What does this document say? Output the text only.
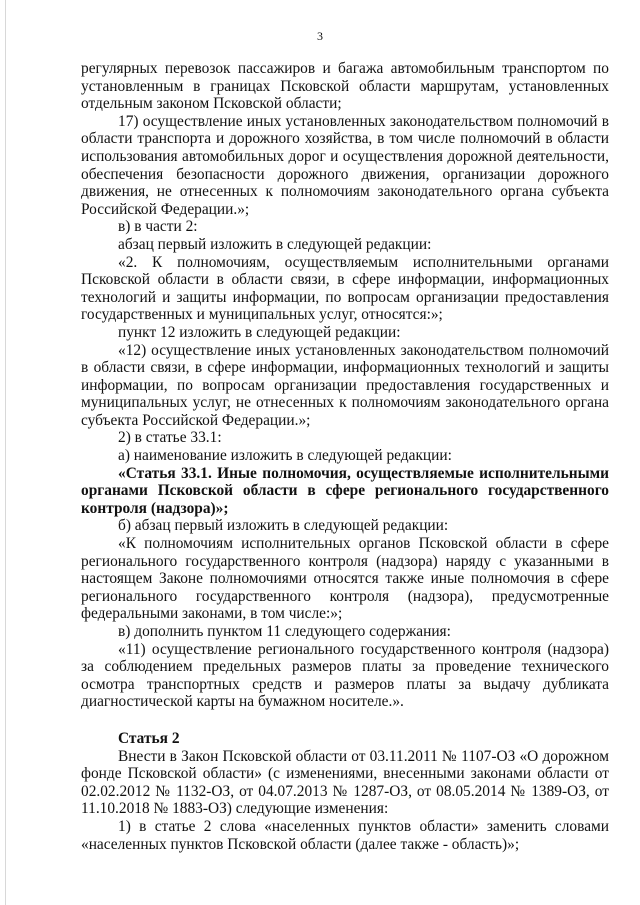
3

регулярных перевозок пассажиров и багажа автомобильным транспортом по установленным в границах Псковской области маршрутам, установленных отдельным законом Псковской области;

17) осуществление иных установленных законодательством полномочий в области транспорта и дорожного хозяйства, в том числе полномочий в области использования автомобильных дорог и осуществления дорожной деятельности, обеспечения безопасности дорожного движения, организации дорожного движения, не отнесенных к полномочиям законодательного органа субъекта Российской Федерации.»;

в) в части 2:

абзац первый изложить в следующей редакции:

«2. К полномочиям, осуществляемым исполнительными органами Псковской области в области связи, в сфере информации, информационных технологий и защиты информации, по вопросам организации предоставления государственных и муниципальных услуг, относятся:»;

пункт 12 изложить в следующей редакции:

«12) осуществление иных установленных законодательством полномочий в области связи, в сфере информации, информационных технологий и защиты информации, по вопросам организации предоставления государственных и муниципальных услуг, не отнесенных к полномочиям законодательного органа субъекта Российской Федерации.»;

2) в статье 33.1:

а) наименование изложить в следующей редакции:

«Статья 33.1. Иные полномочия, осуществляемые исполнительными органами Псковской области в сфере регионального государственного контроля (надзора)»;

б) абзац первый изложить в следующей редакции:

«К полномочиям исполнительных органов Псковской области в сфере регионального государственного контроля (надзора) наряду с указанными в настоящем Законе полномочиями относятся также иные полномочия в сфере регионального государственного контроля (надзора), предусмотренные федеральными законами, в том числе:»;

в) дополнить пунктом 11 следующего содержания:

«11) осуществление регионального государственного контроля (надзора) за соблюдением предельных размеров платы за проведение технического осмотра транспортных средств и размеров платы за выдачу дубликата диагностической карты на бумажном носителе.».

Статья 2

Внести в Закон Псковской области от 03.11.2011 № 1107-ОЗ «О дорожном фонде Псковской области» (с изменениями, внесенными законами области от 02.02.2012 № 1132-ОЗ, от 04.07.2013 № 1287-ОЗ, от 08.05.2014 № 1389-ОЗ, от 11.10.2018 № 1883-ОЗ) следующие изменения:

1) в статье 2 слова «населенных пунктов области» заменить словами «населенных пунктов Псковской области (далее также - область)»;
